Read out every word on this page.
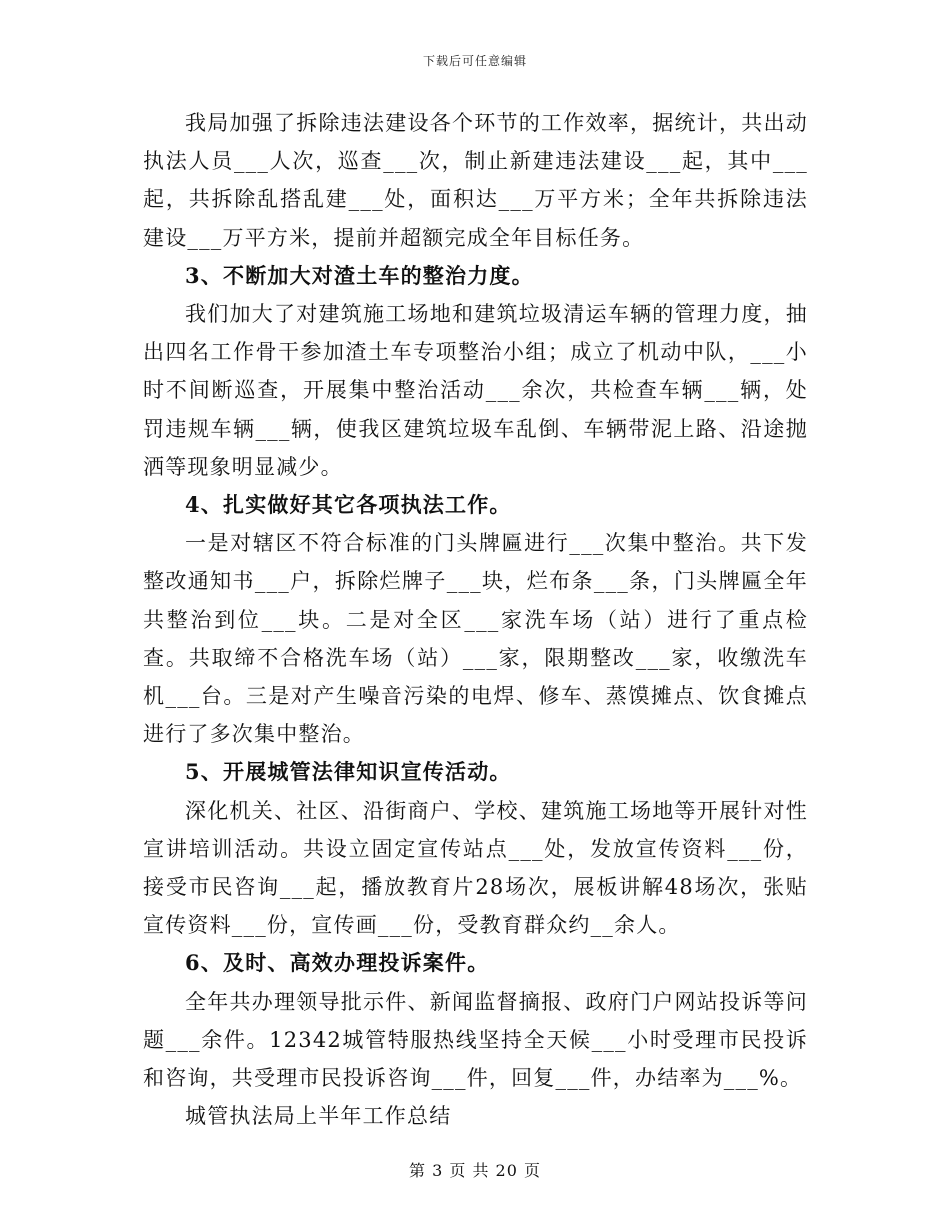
下载后可任意编辑

我局加强了拆除违法建设各个环节的工作效率，据统计，共出动执法人员___人次，巡查___次，制止新建违法建设___起，其中___起，共拆除乱搭乱建___处，面积达___万平方米；全年共拆除违法建设___万平方米，提前并超额完成全年目标任务。

3、不断加大对渣土车的整治力度。

我们加大了对建筑施工场地和建筑垃圾清运车辆的管理力度，抽出四名工作骨干参加渣土车专项整治小组；成立了机动中队，___小时不间断巡查，开展集中整治活动___余次，共检查车辆___辆，处罚违规车辆___辆，使我区建筑垃圾车乱倒、车辆带泥上路、沿途抛洒等现象明显减少。

4、扎实做好其它各项执法工作。

一是对辖区不符合标准的门头牌匾进行___次集中整治。共下发整改通知书___户，拆除烂牌子___块，烂布条___条，门头牌匾全年共整治到位___块。二是对全区___家洗车场（站）进行了重点检查。共取缔不合格洗车场（站）___家，限期整改___家，收缴洗车机___台。三是对产生噪音污染的电焊、修车、蒸馍摊点、饮食摊点进行了多次集中整治。

5、开展城管法律知识宣传活动。

深化机关、社区、沿街商户、学校、建筑施工场地等开展针对性宣讲培训活动。共设立固定宣传站点___处，发放宣传资料___份，接受市民咨询___起，播放教育片28场次，展板讲解48场次，张贴宣传资料___份，宣传画___份，受教育群众约__余人。

6、及时、高效办理投诉案件。

全年共办理领导批示件、新闻监督摘报、政府门户网站投诉等问题___余件。12342城管特服热线坚持全天候___小时受理市民投诉和咨询，共受理市民投诉咨询___件，回复___件，办结率为___%。

城管执法局上半年工作总结

第 3 页 共 20 页
